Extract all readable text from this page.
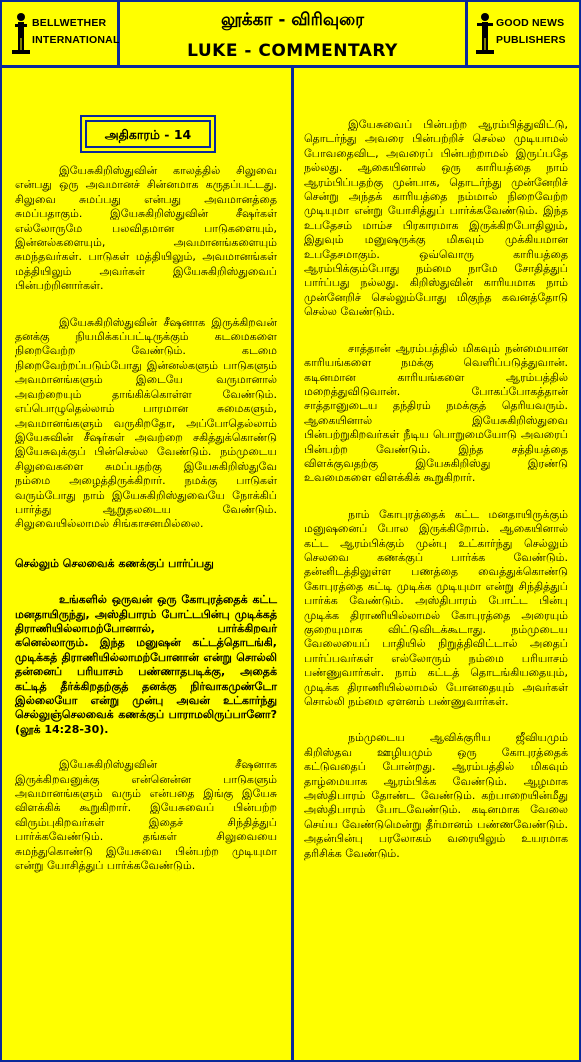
BELLWETHER
INTERNATIONAL
லூக்கா - விரிவுரை
LUKE - COMMENTARY
GOOD NEWS
PUBLISHERS
அதிகாரம் - 14

இயேசுகிறிஸ்துவின் காலத்தில் சிலுவை என்பது ஒரு அவமானச் சின்னமாக கருதப்பட்டது. சிலுவை சுமப்பது என்பது அவமானத்தை சுமப்பதாகும். இயேசுகிறிஸ்துவின் சீஷர்கள் எல்லோருமே பலவிதமான பாடுகளையும், இன்னல்களையும், அவமானங்களையும் சுமந்தவர்கள். பாடுகள் மத்தியிலும், அவமானங்கள் மத்தியிலும் அவர்கள் இயேசுகிறிஸ்துவைப் பின்பற்றினார்கள்.

இயேசுகிறிஸ்துவின் சீஷனாக இருக்கிறவன் தனக்கு நியமிக்கப்பட்டிருக்கும் கடமைகளை நிறைவேற்ற வேண்டும். கடமை நிறைவேற்றப்படும்போது இன்னல்களும் பாடுகளும் அவமானங்களும் இடையே வருமானால் அவற்றையும் தாங்கிக்கொள்ள வேண்டும். எப்பொழுதெல்லாம் பாரமான சுமைகளும், அவமானங்களும் வருகிறதோ, அப்போதெல்லாம் இயேசுவின் சீஷர்கள் அவற்றை சகித்துக்கொண்டு இயேசுவுக்குப் பின்செல்ல வேண்டும். நம்முடைய சிலுவைகளை சுமப்பதற்கு இயேசுகிறிஸ்துவே நம்மை அழைத்திருக்கிறார். நமக்கு பாடுகள் வரும்போது நாம் இயேசுகிறிஸ்துவையே நோக்கிப் பார்த்து ஆறுதலடைய வேண்டும். சிலுவையில்லாமல் சிங்காசனமில்லை.

செல்லும் செலவைக் கணக்குப் பார்ப்பது

உங்களில் ஒருவன் ஒரு கோபுரத்தைக் கட்ட மனதாயிருந்து, அஸ்திபாரம் போட்டபின்பு முடிக்கத் திராணியில்லாமற்போனால், பார்க்கிறவர் கனெல்லாரும். இந்த மனுஷன் கட்டத்தொடங்கி, முடிக்கத் திராணியில்லாமற்போனான் என்று சொல்லி தன்னைப் பரியாசம் பண்ணாதபடிக்கு, அதைக் கட்டித் தீர்க்கிறதற்குத் தனக்கு நிர்வாகமுண்டோ இல்லையோ என்று முன்பு அவன் உட்கார்ந்து செல்லுஞ்செலவைக் கணக்குப் பாராமலிருப்பானோ? (லூக் 14:28-30).

இயேசுகிறிஸ்துவின் சீஷனாக இருக்கிறவனுக்கு என்னென்ன பாடுகளும் அவமானங்களும் வரும் என்பதை இங்கு இயேசு விளக்கிக் கூறுகிறார். இயேசுவைப் பின்பற்ற விரும்புகிறவர்கள் இதைச் சிந்தித்துப் பார்க்கவேண்டும். தங்கள் சிலுவையை சுமந்துகொண்டு இயேசுவை பின்பற்ற முடியுமா என்று யோசித்துப் பார்க்கவேண்டும்.

இயேசுவைப் பின்பற்ற ஆரம்பித்துவிட்டு, தொடர்ந்து அவரை பின்பற்றிச் செல்ல முடியாமல் போவதைவிட, அவரைப் பின்பற்றாமல் இருப்பதே நல்லது. ஆகையினால் ஒரு காரியத்தை நாம் ஆரம்பிப்பதற்கு முன்பாக, தொடர்ந்து முன்னேறிச் சென்று அந்தக் காரியத்தை நம்மால் நிறைவேற்ற முடியுமா என்று யோசித்துப் பார்க்கவேண்டும். இந்த உபதேசம் மாம்ச பிரகாரமாக இருக்கிறபோதிலும், இதுவும் மனுஷருக்கு மிகவும் முக்கியமான உபதேசமாகும். ஒவ்வொரு காரியத்தை ஆரம்பிக்கும்போது நம்மை நாமே சோதித்துப் பார்ப்பது நல்லது. கிறிஸ்துவின் காரியமாக நாம் முன்னேறிச் செல்லும்போது மிகுந்த கவனத்தோடு செல்ல வேண்டும்.

சாத்தான் ஆரம்பத்தில் மிகவும் நன்மையான காரியங்களை நமக்கு வெளிப்படுத்துவான். கடினமான காரியங்களை ஆரம்பத்தில் மறைத்துவிடுவான். போகப்போகத்தான் சாத்தானுடைய தந்திரம் நமக்குத் தெரியவரும். ஆகையினால் இயேசுகிறிஸ்துவை பின்பற்றுகிறவர்கள் நீடிய பொறுமையோடு அவரைப் பின்பற்ற வேண்டும். இந்த சத்தியத்தை விளக்குவதற்கு இயேசுகிறிஸ்து இரண்டு உவமைகளை விளக்கிக் கூறுகிறார்.

நாம் கோபுரத்தைக் கட்ட மனதாயிருக்கும் மனுஷனைப் போல இருக்கிறோம். ஆகையினால் கட்ட ஆரம்பிக்கும் முன்பு உட்கார்ந்து செல்லும் செலவை கணக்குப் பார்க்க வேண்டும். தன்னிடத்திலுள்ள பணத்தை வைத்துக்கொண்டு கோபுரத்தை கட்டி முடிக்க முடியுமா என்று சிந்தித்துப் பார்க்க வேண்டும். அஸ்திபாரம் போட்ட பின்பு முடிக்க திராணியில்லாமல் கோபுரத்தை அரையும் குறையுமாக விட்டுவிடக்கூடாது. நம்முடைய வேலையைப் பாதியில் நிறுத்திவிட்டால் அதைப் பார்ப்பவர்கள் எல்லோரும் நம்மை பரியாசம் பண்ணுவார்கள். நாம் கட்டத் தொடங்கியதையும், முடிக்க திராணியில்லாமல் போனதையும் அவர்கள் சொல்லி நம்மை ஏளனம் பண்ணுவார்கள்.

நம்முடைய ஆவிக்குரிய ஜீவியமும் கிறிஸ்தவ ஊழியமும் ஒரு கோபுரத்தைக் கட்டுவதைப் போன்றது. ஆரம்பத்தில் மிகவும் தாழ்மையாக ஆரம்பிக்க வேண்டும். ஆழமாக அஸ்திபாரம் தோண்ட வேண்டும். கற்பாறையின்மீது அஸ்திபாரம் போடவேண்டும். கடினமாக வேலை செய்ய வேண்டுமென்று தீர்மானம் பண்ணவேண்டும். அதன்பின்பு பரலோகம் வரையிலும் உயரமாக தரிசிக்க வேண்டும்.
